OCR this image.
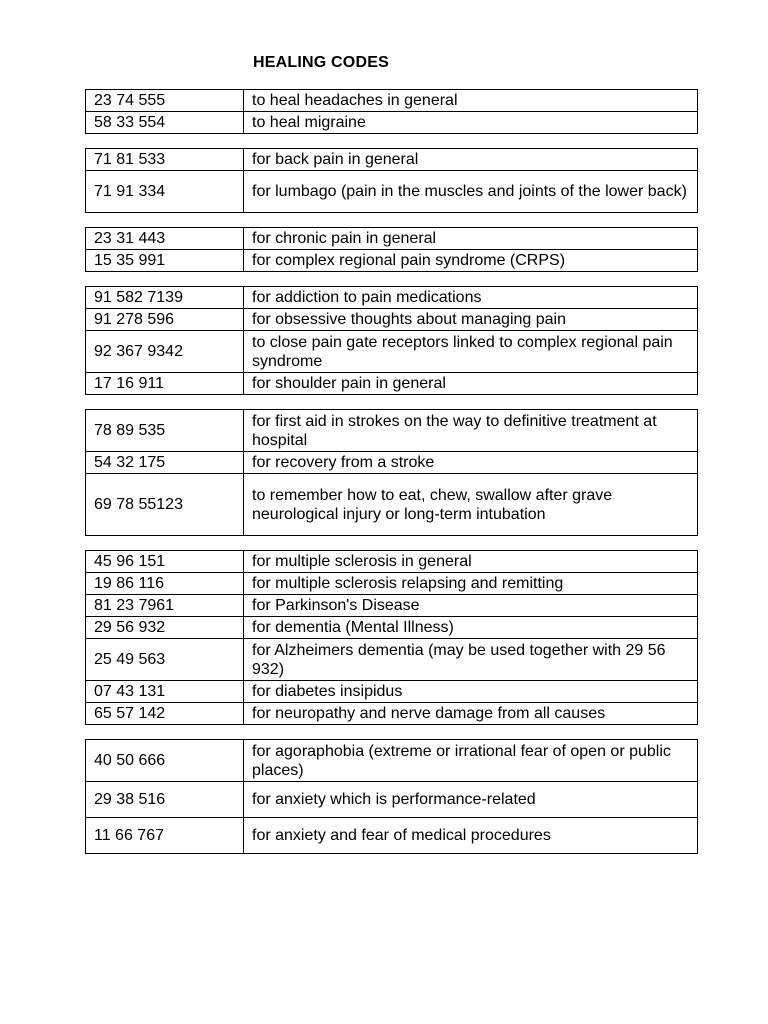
HEALING CODES
23 74 555	to heal headaches in general
58 33 554	to heal migraine
71 81 533	for back pain in general
71 91 334	for lumbago (pain in the muscles and joints of the lower back)
23 31 443	for chronic pain in general
15 35 991	for complex regional pain syndrome (CRPS)
91 582 7139	for addiction to pain medications
91 278 596	for obsessive thoughts about managing pain
92 367 9342	to close pain gate receptors linked to complex regional pain syndrome
17 16 911	for shoulder pain in general
78 89 535	for first aid in strokes on the way to definitive treatment at hospital
54 32 175	for recovery from a stroke
69 78 55123	to remember how to eat, chew, swallow after grave neurological injury or long-term intubation
45 96 151	for multiple sclerosis in general
19 86 116	for multiple sclerosis relapsing and remitting
81 23 7961	for Parkinson's Disease
29 56 932	for dementia (Mental Illness)
25 49 563	for Alzheimers dementia (may be used together with 29 56 932)
07 43 131	for diabetes insipidus
65 57 142	for neuropathy and nerve damage from all causes
40 50 666	for agoraphobia (extreme or irrational fear of open or public places)
29 38 516	for anxiety which is performance-related
11 66 767	for anxiety and fear of medical procedures
